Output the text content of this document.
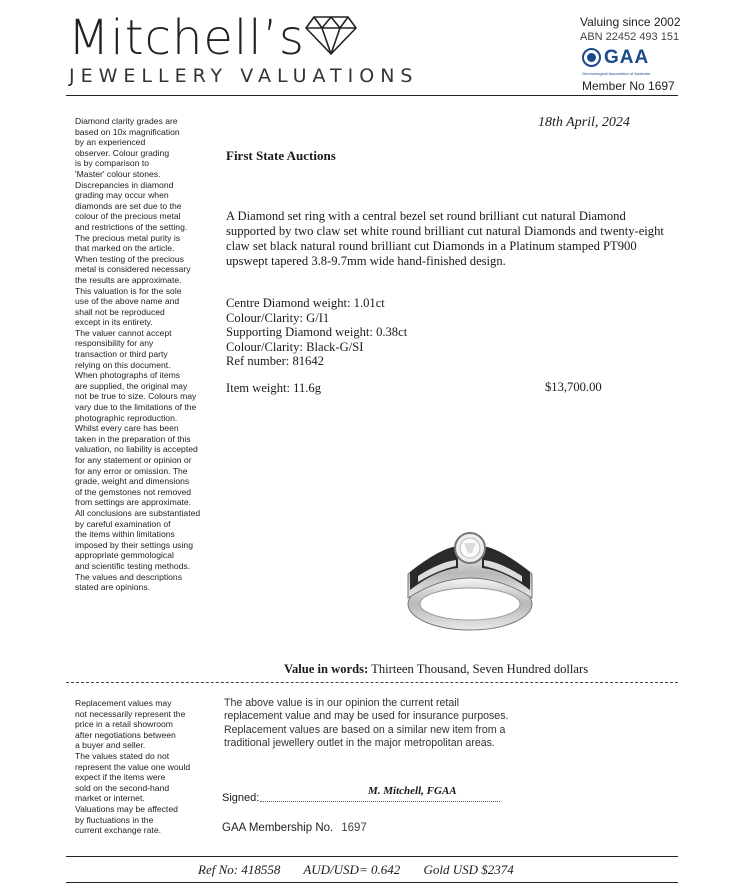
Mitchell’s
JEWELLERY VALUATIONS
Valuing since 2002
ABN 22452 493 151
GAA
Gemmological Association of Australia
Member No 1697
Diamond clarity grades are
based on 10x magnification
by an experienced
observer. Colour grading
is by comparison to
'Master' colour stones.
Discrepancies in diamond
grading may occur when
diamonds are set due to the
colour of the precious metal
and restrictions of the setting.
The precious metal purity is
that marked on the article.
When testing of the precious
metal is considered necessary
the results are approximate.
This valuation is for the sole
use of the above name and
shall not be reproduced
except in its entirety.
The valuer cannot accept
responsibility for any
transaction or third party
relying on this document.
When photographs of items
are supplied, the original may
not be true to size. Colours may
vary due to the limitations of the
photographic reproduction.
Whilst every care has been
taken in the preparation of this
valuation, no liability is accepted
for any statement or opinion or
for any error or omission. The
grade, weight and dimensions
of the gemstones not removed
from settings are approximate.
All conclusions are substantiated
by careful examination of
the items within limitations
imposed by their settings using
appropriate gemmological
and scientific testing methods.
The values and descriptions
stated are opinions.
18th April, 2024
First State Auctions
A Diamond set ring with a central bezel set round brilliant cut natural Diamond supported by two claw set white round brilliant cut natural Diamonds and twenty-eight claw set black natural round brilliant cut Diamonds in a Platinum stamped PT900 upswept tapered 3.8-9.7mm wide hand-finished design.
Centre Diamond weight: 1.01ct
Colour/Clarity: G/I1
Supporting Diamond weight: 0.38ct
Colour/Clarity: Black-G/SI
Ref number: 81642
Item weight: 11.6g	$13,700.00
Value in words: Thirteen Thousand, Seven Hundred dollars
Replacement values may
not necessarily represent the
price in a retail showroom
after negotiations between
a buyer and seller.
The values stated do not
represent the value one would
expect if the items were
sold on the second-hand
market or internet.
Valuations may be affected
by fluctuations in the
current exchange rate.
The above value is in our opinion the current retail replacement value and may be used for insurance purposes. Replacement values are based on a similar new item from a traditional jewellery outlet in the major metropolitan areas.
Signed:
M. Mitchell, FGAA
GAA Membership No. 1697
Ref No: 418558 AUD/USD= 0.642 Gold USD $2374
